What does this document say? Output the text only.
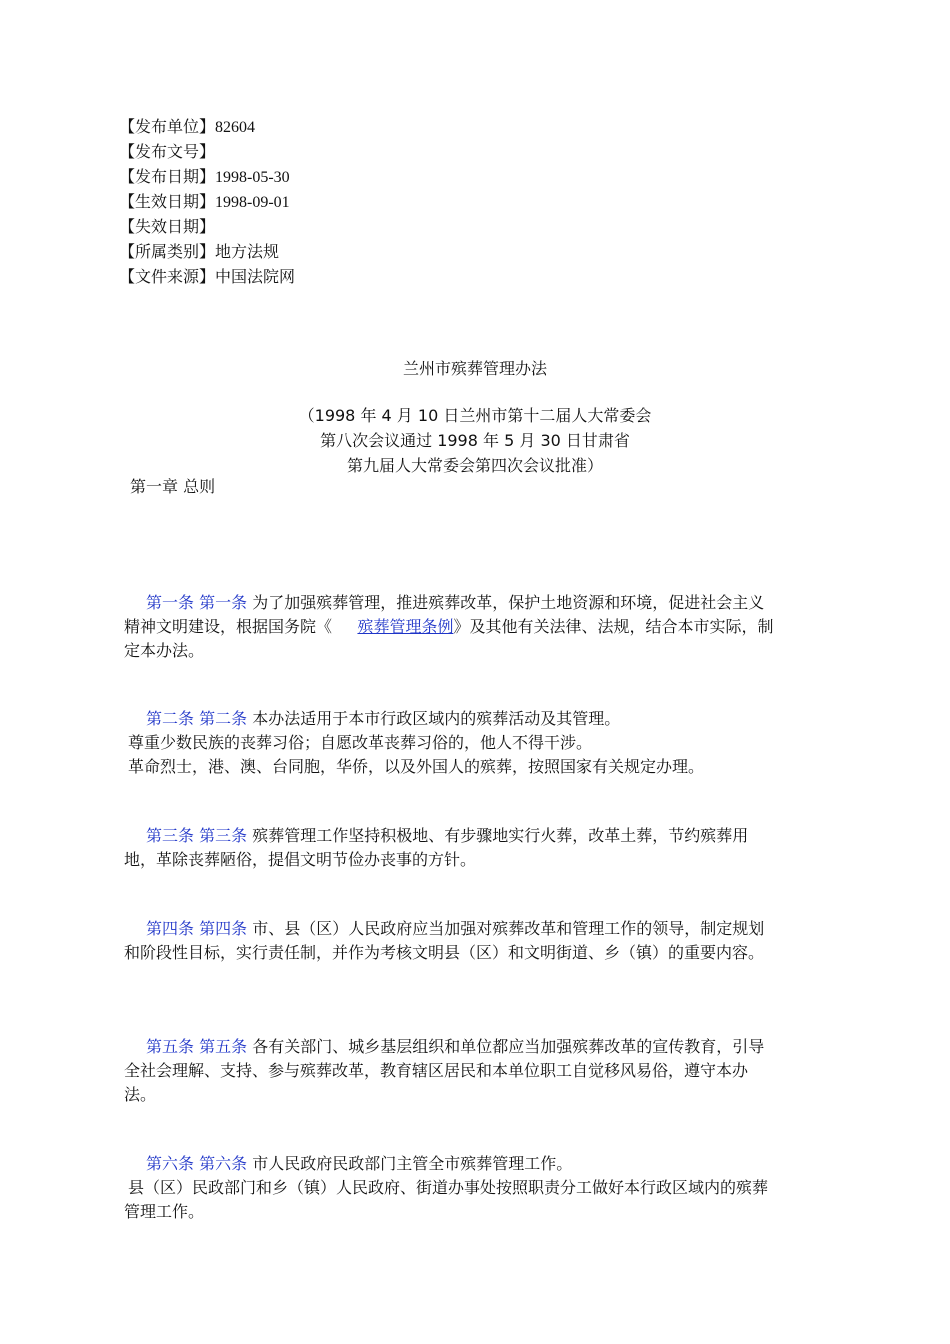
【发布单位】82604
【发布文号】
【发布日期】1998-05-30
【生效日期】1998-09-01
【失效日期】
【所属类别】地方法规
【文件来源】中国法院网
兰州市殡葬管理办法
（1998 年 4 月 10 日兰州市第十二届人大常委会
第八次会议通过 1998 年 5 月 30 日甘肃省
第九届人大常委会第四次会议批准）
第一章 总则
第一条 第一条 为了加强殡葬管理，推进殡葬改革，保护土地资源和环境，促进社会主义
精神文明建设，根据国务院《 殡葬管理条例》及其他有关法律、法规，结合本市实际，制
定本办法。
第二条 第二条 本办法适用于本市行政区域内的殡葬活动及其管理。
尊重少数民族的丧葬习俗；自愿改革丧葬习俗的，他人不得干涉。
革命烈士，港、澳、台同胞，华侨，以及外国人的殡葬，按照国家有关规定办理。
第三条 第三条 殡葬管理工作坚持积极地、有步骤地实行火葬，改革土葬，节约殡葬用
地，革除丧葬陋俗，提倡文明节俭办丧事的方针。
第四条 第四条 市、县（区）人民政府应当加强对殡葬改革和管理工作的领导，制定规划
和阶段性目标，实行责任制，并作为考核文明县（区）和文明街道、乡（镇）的重要内容。
第五条 第五条 各有关部门、城乡基层组织和单位都应当加强殡葬改革的宣传教育，引导
全社会理解、支持、参与殡葬改革，教育辖区居民和本单位职工自觉移风易俗，遵守本办
法。
第六条 第六条 市人民政府民政部门主管全市殡葬管理工作。
县（区）民政部门和乡（镇）人民政府、街道办事处按照职责分工做好本行政区域内的殡葬
管理工作。
